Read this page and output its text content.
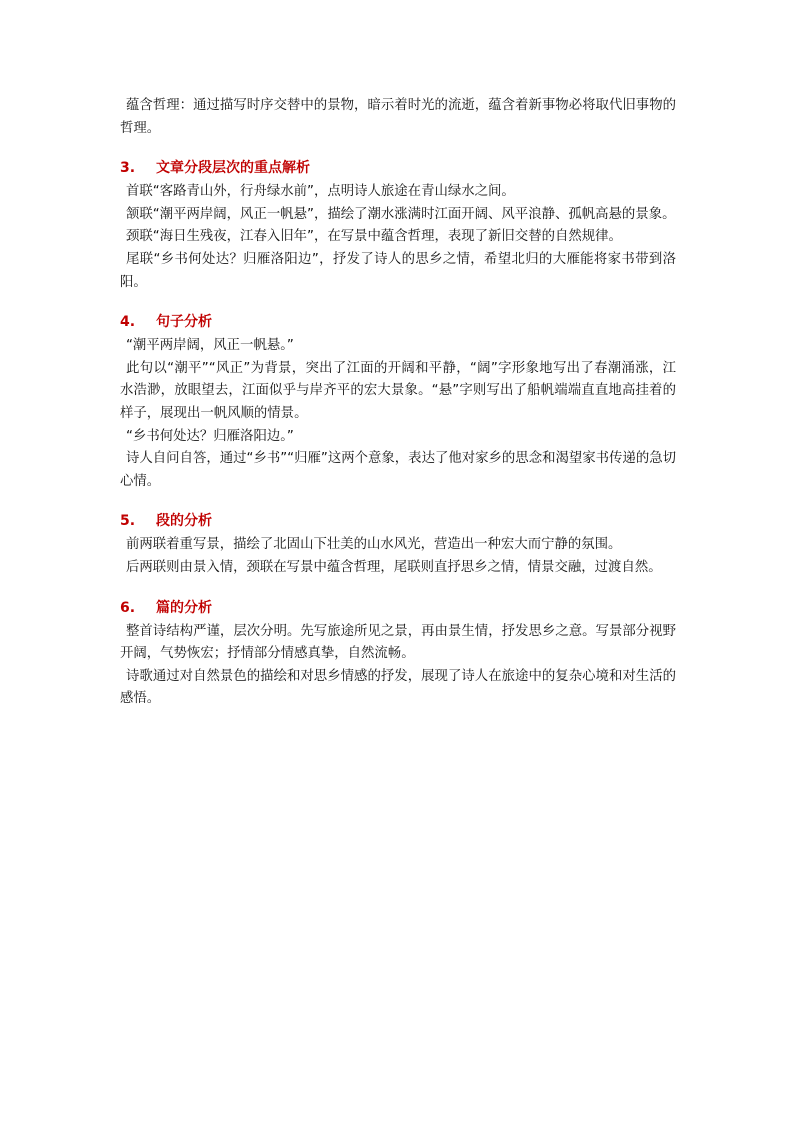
蕴含哲理：通过描写时序交替中的景物，暗示着时光的流逝，蕴含着新事物必将取代旧事物的哲理。

3. 文章分段层次的重点解析

首联“客路青山外，行舟绿水前”，点明诗人旅途在青山绿水之间。

颔联“潮平两岸阔，风正一帆悬”，描绘了潮水涨满时江面开阔、风平浪静、孤帆高悬的景象。

颈联“海日生残夜，江春入旧年”，在写景中蕴含哲理，表现了新旧交替的自然规律。

尾联“乡书何处达？归雁洛阳边”，抒发了诗人的思乡之情，希望北归的大雁能将家书带到洛阳。

4. 句子分析

“潮平两岸阔，风正一帆悬。”

此句以“潮平”“风正”为背景，突出了江面的开阔和平静，“阔”字形象地写出了春潮涌涨，江水浩渺，放眼望去，江面似乎与岸齐平的宏大景象。“悬”字则写出了船帆端端直直地高挂着的样子，展现出一帆风顺的情景。

“乡书何处达？归雁洛阳边。”

诗人自问自答，通过“乡书”“归雁”这两个意象，表达了他对家乡的思念和渴望家书传递的急切心情。

5. 段的分析

前两联着重写景，描绘了北固山下壮美的山水风光，营造出一种宏大而宁静的氛围。

后两联则由景入情，颈联在写景中蕴含哲理，尾联则直抒思乡之情，情景交融，过渡自然。

6. 篇的分析

整首诗结构严谨，层次分明。先写旅途所见之景，再由景生情，抒发思乡之意。写景部分视野开阔，气势恢宏；抒情部分情感真挚，自然流畅。

诗歌通过对自然景色的描绘和对思乡情感的抒发，展现了诗人在旅途中的复杂心境和对生活的感悟。
